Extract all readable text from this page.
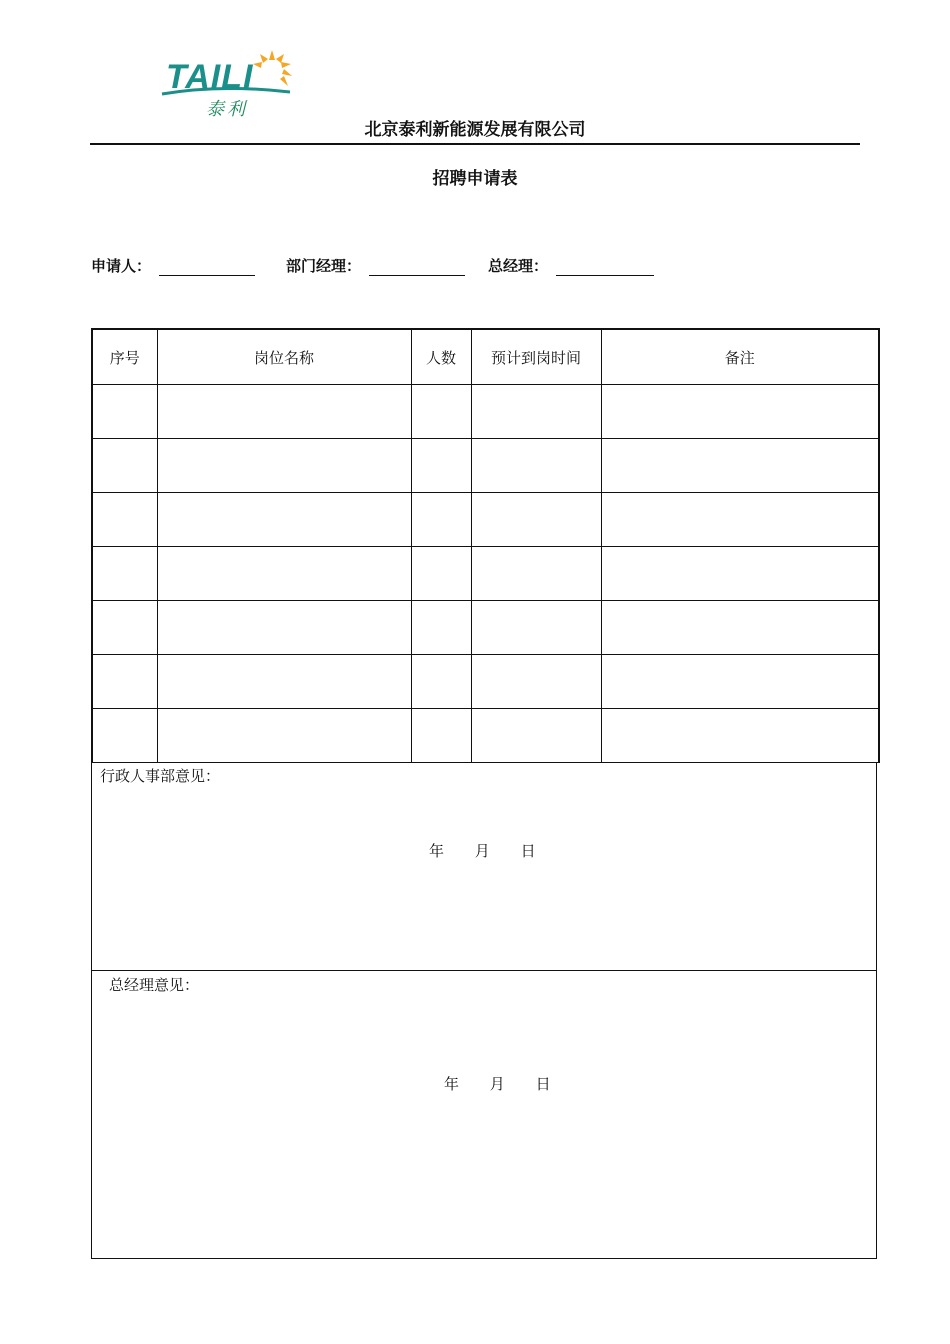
TAILI
泰利
北京泰利新能源发展有限公司
招聘申请表
申请人：	部门经理：	总经理：
序号	岗位名称	人数	预计到岗时间	备注

行政人事部意见：
年 月 日
总经理意见：
年 月 日
